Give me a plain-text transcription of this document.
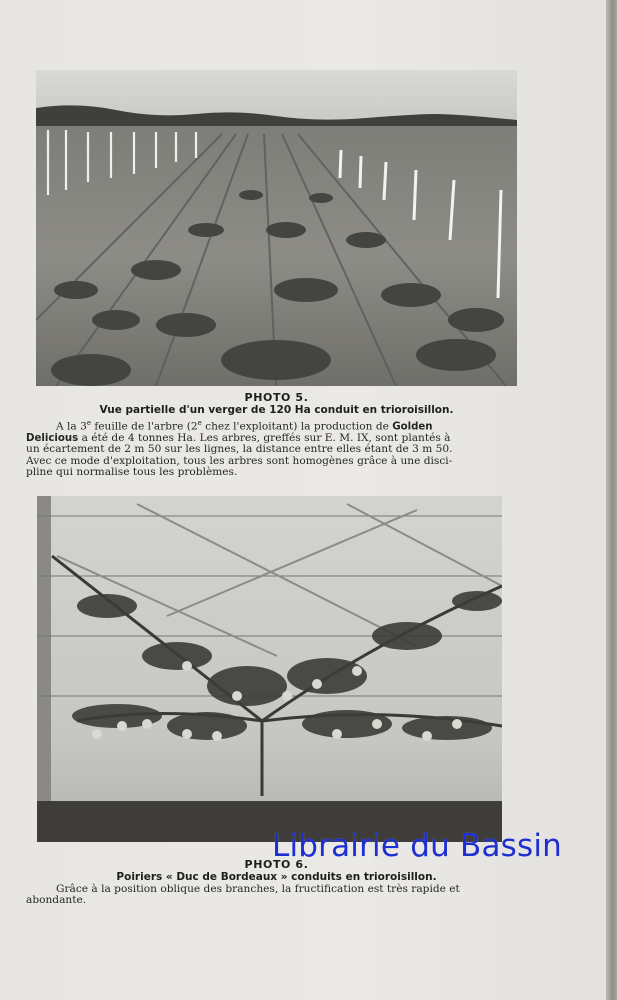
PHOTO 5.
Vue partielle d'un verger de 120 Ha conduit en trioroisillon.
A la 3e feuille de l'arbre (2e chez l'exploitant) la production de Golden
Delicious a été de 4 tonnes Ha. Les arbres, greffés sur E. M. IX, sont plantés à
un écartement de 2 m 50 sur les lignes, la distance entre elles étant de 3 m 50.
Avec ce mode d'exploitation, tous les arbres sont homogènes grâce à une disci-
pline qui normalise tous les problèmes.
Librairie du Bassin
PHOTO 6.
Poiriers « Duc de Bordeaux » conduits en trioroisillon.
Grâce à la position oblique des branches, la fructification est très rapide et
abondante.
